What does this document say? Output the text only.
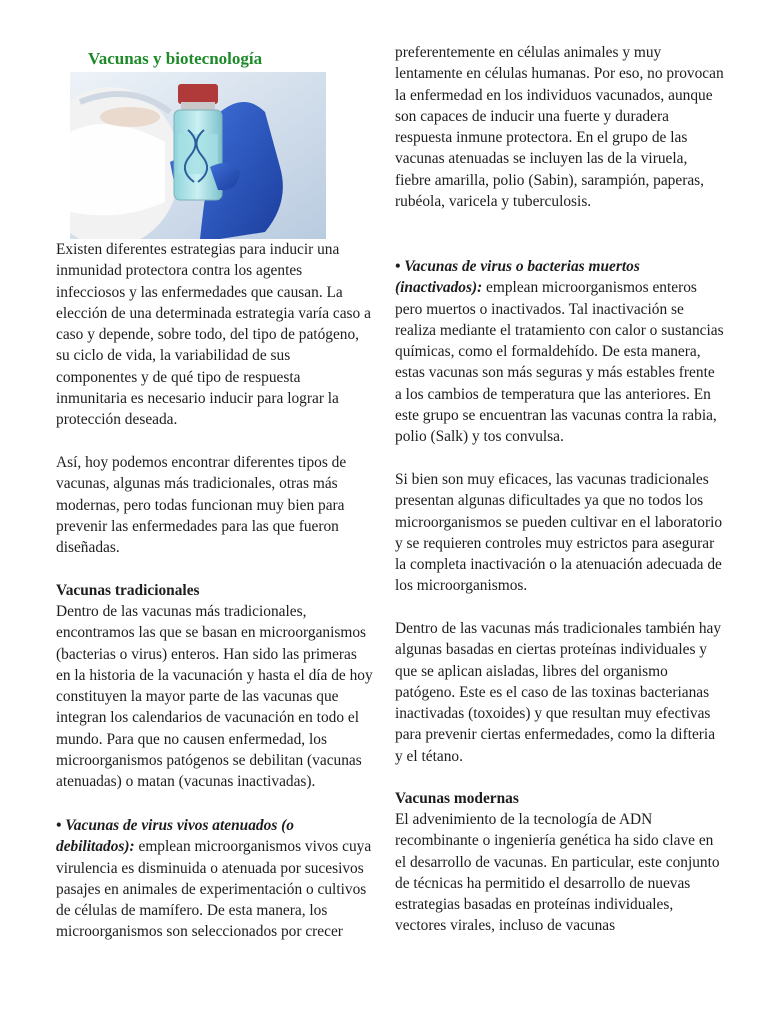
Vacunas y biotecnología

Existen diferentes estrategias para inducir una inmunidad protectora contra los agentes infecciosos y las enfermedades que causan. La elección de una determinada estrategia varía caso a caso y depende, sobre todo, del tipo de patógeno, su ciclo de vida, la variabilidad de sus componentes y de qué tipo de respuesta inmunitaria es necesario inducir para lograr la protección deseada.

Así, hoy podemos encontrar diferentes tipos de vacunas, algunas más tradicionales, otras más modernas, pero todas funcionan muy bien para prevenir las enfermedades para las que fueron diseñadas.

Vacunas tradicionales

Dentro de las vacunas más tradicionales, encontramos las que se basan en microorganismos (bacterias o virus) enteros. Han sido las primeras en la historia de la vacunación y hasta el día de hoy constituyen la mayor parte de las vacunas que integran los calendarios de vacunación en todo el mundo. Para que no causen enfermedad, los microorganismos patógenos se debilitan (vacunas atenuadas) o matan (vacunas inactivadas).

• Vacunas de virus vivos atenuados (o debilitados): emplean microorganismos vivos cuya virulencia es disminuida o atenuada por sucesivos pasajes en animales de experimentación o cultivos de células de mamífero. De esta manera, los microorganismos son seleccionados por crecer

preferentemente en células animales y muy lentamente en células humanas. Por eso, no provocan la enfermedad en los individuos vacunados, aunque son capaces de inducir una fuerte y duradera respuesta inmune protectora. En el grupo de las vacunas atenuadas se incluyen las de la viruela, fiebre amarilla, polio (Sabin), sarampión, paperas, rubéola, varicela y tuberculosis.

• Vacunas de virus o bacterias muertos (inactivados): emplean microorganismos enteros pero muertos o inactivados. Tal inactivación se realiza mediante el tratamiento con calor o sustancias químicas, como el formaldehído. De esta manera, estas vacunas son más seguras y más estables frente a los cambios de temperatura que las anteriores. En este grupo se encuentran las vacunas contra la rabia, polio (Salk) y tos convulsa.

Si bien son muy eficaces, las vacunas tradicionales presentan algunas dificultades ya que no todos los microorganismos se pueden cultivar en el laboratorio y se requieren controles muy estrictos para asegurar la completa inactivación o la atenuación adecuada de los microorganismos.

Dentro de las vacunas más tradicionales también hay algunas basadas en ciertas proteínas individuales y que se aplican aisladas, libres del organismo patógeno. Este es el caso de las toxinas bacterianas inactivadas (toxoides) y que resultan muy efectivas para prevenir ciertas enfermedades, como la difteria y el tétano.

Vacunas modernas

El advenimiento de la tecnología de ADN recombinante o ingeniería genética ha sido clave en el desarrollo de vacunas. En particular, este conjunto de técnicas ha permitido el desarrollo de nuevas estrategias basadas en proteínas individuales, vectores virales, incluso de vacunas
